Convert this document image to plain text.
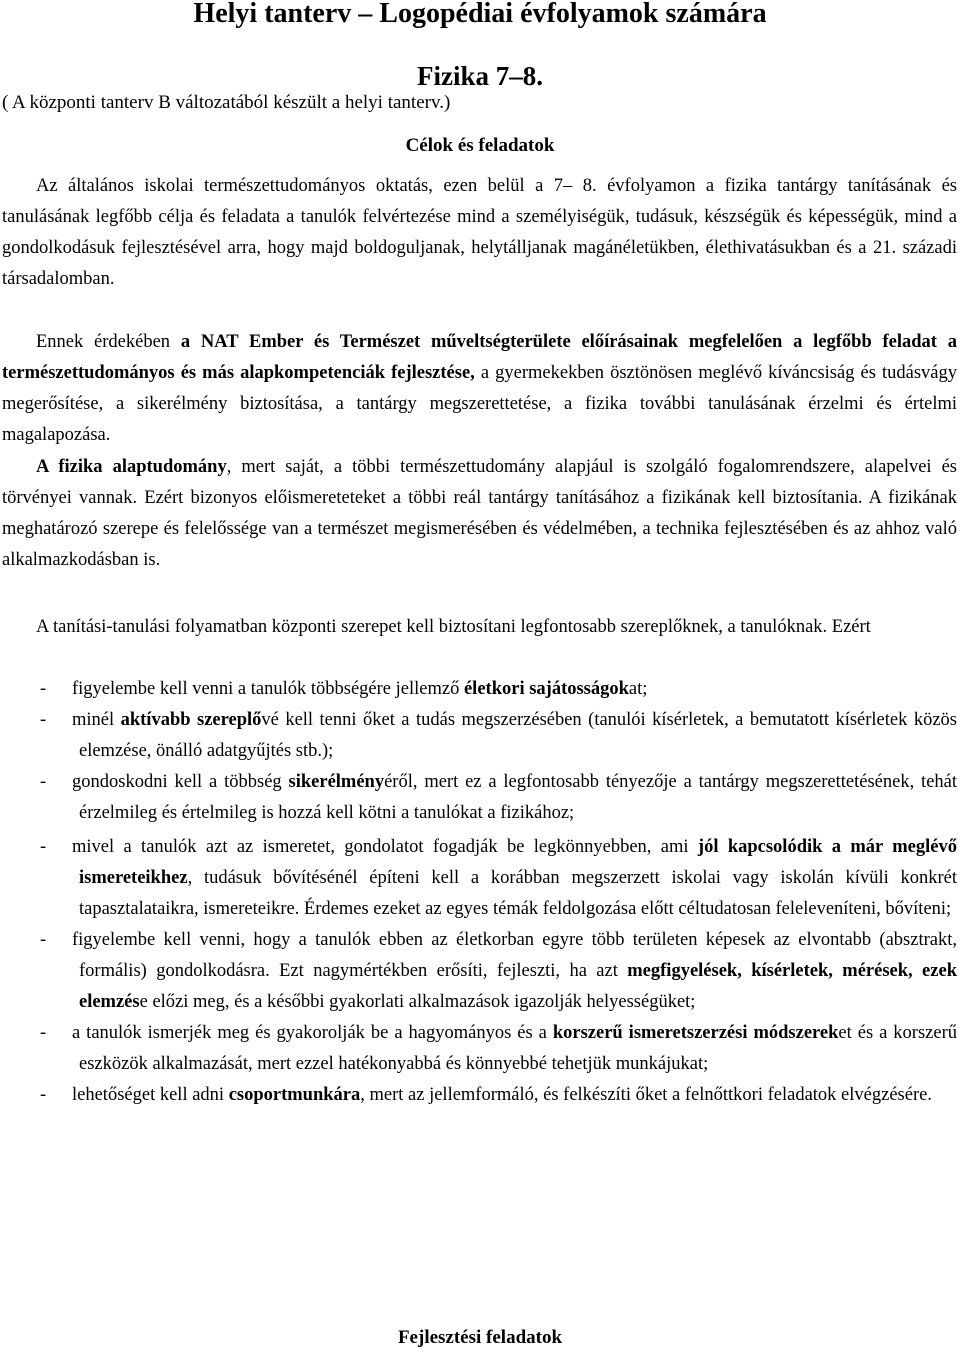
Helyi tanterv – Logopédiai évfolyamok számára
Fizika 7–8.
( A központi tanterv B változatából készült a helyi tanterv.)
Célok és feladatok
Az általános iskolai természettudományos oktatás, ezen belül a 7– 8. évfolyamon a fizika tantárgy tanításának és tanulásának legfőbb célja és feladata a tanulók felvértezése mind a személyiségük, tudásuk, készségük és képességük, mind a gondolkodásuk fejlesztésével arra, hogy majd boldoguljanak, helytálljanak magánéletükben, élethivatásukban és a 21. századi társadalomban.
Ennek érdekében a NAT Ember és Természet műveltségterülete előírásainak megfelelően a legfőbb feladat a természettudományos és más alapkompetenciák fejlesztése, a gyermekekben ösztönösen meglévő kíváncsiság és tudásvágy megerősítése, a sikerélmény biztosítása, a tantárgy megszerettetése, a fizika további tanulásának érzelmi és értelmi magalapozása.
A fizika alaptudomány, mert saját, a többi természettudomány alapjául is szolgáló fogalomrendszere, alapelvei és törvényei vannak. Ezért bizonyos előismereteteket a többi reál tantárgy tanításához a fizikának kell biztosítania. A fizikának meghatározó szerepe és felelőssége van a természet megismerésében és védelmében, a technika fejlesztésében és az ahhoz való alkalmazkodásban is.
A tanítási-tanulási folyamatban központi szerepet kell biztosítani legfontosabb szereplőknek, a tanulóknak. Ezért
- figyelembe kell venni a tanulók többségére jellemző életkori sajátosságokat;
- minél aktívabb szereplővé kell tenni őket a tudás megszerzésében (tanulói kísérletek, a bemutatott kísérletek közös elemzése, önálló adatgyűjtés stb.);
- gondoskodni kell a többség sikerélményéről, mert ez a legfontosabb tényezője a tantárgy megszerettetésének, tehát érzelmileg és értelmileg is hozzá kell kötni a tanulókat a fizikához;
- mivel a tanulók azt az ismeretet, gondolatot fogadják be legkönnyebben, ami jól kapcsolódik a már meglévő ismereteikhez, tudásuk bővítésénél építeni kell a korábban megszerzett iskolai vagy iskolán kívüli konkrét tapasztalataikra, ismereteikre. Érdemes ezeket az egyes témák feldolgozása előtt céltudatosan feleleveníteni, bővíteni;
- figyelembe kell venni, hogy a tanulók ebben az életkorban egyre több területen képesek az elvontabb (absztrakt, formális) gondolkodásra. Ezt nagymértékben erősíti, fejleszti, ha azt megfigyelések, kísérletek, mérések, ezek elemzése előzi meg, és a későbbi gyakorlati alkalmazások igazolják helyességüket;
- a tanulók ismerjék meg és gyakorolják be a hagyományos és a korszerű ismeretszerzési módszereket és a korszerű eszközök alkalmazását, mert ezzel hatékonyabbá és könnyebbé tehetjük munkájukat;
- lehetőséget kell adni csoportmunkára, mert az jellemformáló, és felkészíti őket a felnőttkori feladatok elvégzésére.
Fejlesztési feladatok
